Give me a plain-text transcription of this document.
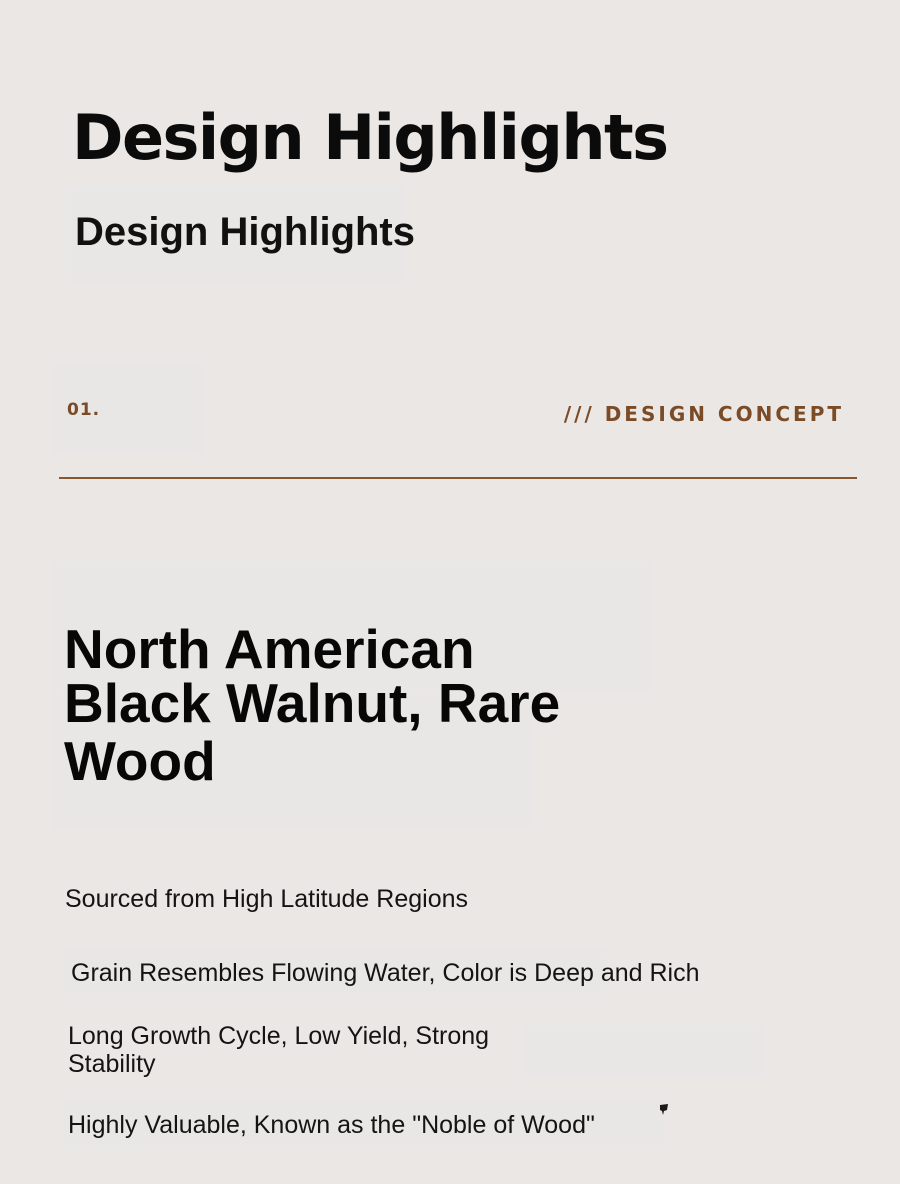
Design Highlights
Design Highlights
01.	/// DESIGN CONCEPT
North American
Black Walnut, Rare
Wood

Sourced from High Latitude Regions

Grain Resembles Flowing Water, Color is Deep and Rich

Long Growth Cycle, Low Yield, Strong Stability

Highly Valuable, Known as the "Noble of Wood"
